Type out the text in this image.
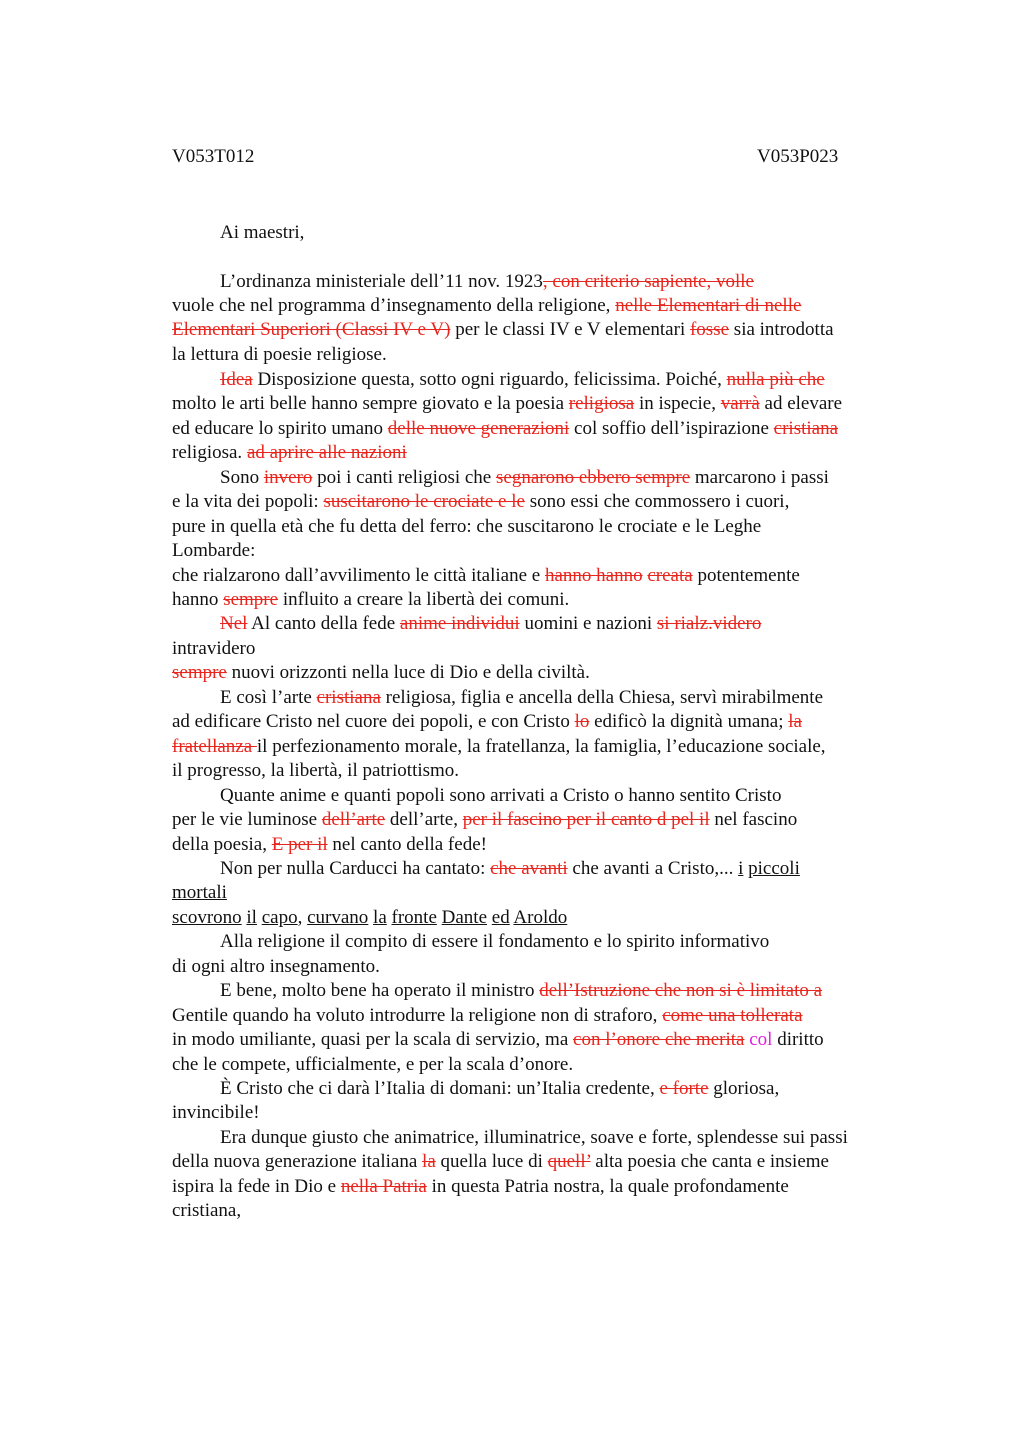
V053T012	V053P023
Ai maestri,
L’ordinanza ministeriale dell’11 nov. 1923, con criterio sapiente, volle
vuole che nel programma d’insegnamento della religione, nelle Elementari di nelle
Elementari Superiori (Classi IV e V) per le classi IV e V elementari fosse sia introdotta
la lettura di poesie religiose.
Idea Disposizione questa, sotto ogni riguardo, felicissima. Poiché, nulla più che
molto le arti belle hanno sempre giovato e la poesia religiosa in ispecie, varrà ad elevare
ed educare lo spirito umano delle nuove generazioni col soffio dell’ispirazione cristiana
religiosa. ad aprire alle nazioni
Sono invero poi i canti religiosi che segnarono ebbero sempre marcarono i passi
e la vita dei popoli: suscitarono le crociate e le sono essi che commossero i cuori,
pure in quella età che fu detta del ferro: che suscitarono le crociate e le Leghe
Lombarde:
che rialzarono dall’avvilimento le città italiane e hanno hanno creata potentemente
hanno sempre influito a creare la libertà dei comuni.
Nel Al canto della fede anime individui uomini e nazioni si rialz.videro
intravidero
sempre nuovi orizzonti nella luce di Dio e della civiltà.
E così l’arte cristiana religiosa, figlia e ancella della Chiesa, servì mirabilmente
ad edificare Cristo nel cuore dei popoli, e con Cristo lo edificò la dignità umana; la
fratellanza il perfezionamento morale, la fratellanza, la famiglia, l’educazione sociale,
il progresso, la libertà, il patriottismo.
Quante anime e quanti popoli sono arrivati a Cristo o hanno sentito Cristo
per le vie luminose dell’arte dell’arte, per il fascino per il canto d pel il nel fascino
della poesia, E per il nel canto della fede!
Non per nulla Carducci ha cantato: che avanti che avanti a Cristo,... i piccoli
mortali
scovrono il capo, curvano la fronte Dante ed Aroldo
Alla religione il compito di essere il fondamento e lo spirito informativo
di ogni altro insegnamento.
E bene, molto bene ha operato il ministro dell’Istruzione che non si è limitato a
Gentile quando ha voluto introdurre la religione non di straforo, come una tollerata
in modo umiliante, quasi per la scala di servizio, ma con l’onore che merita col diritto
che le compete, ufficialmente, e per la scala d’onore.
È Cristo che ci darà l’Italia di domani: un’Italia credente, e forte gloriosa,
invincibile!
Era dunque giusto che animatrice, illuminatrice, soave e forte, splendesse sui passi
della nuova generazione italiana la quella luce di quell’ alta poesia che canta e insieme
ispira la fede in Dio e nella Patria in questa Patria nostra, la quale profondamente
cristiana,
